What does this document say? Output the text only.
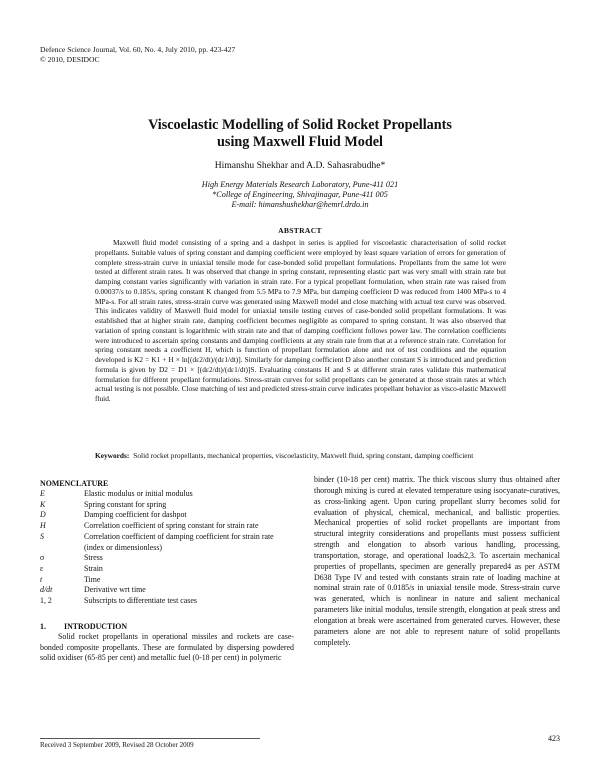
Defence Science Journal, Vol. 60, No. 4, July 2010, pp. 423-427
© 2010, DESIDOC
Viscoelastic Modelling of Solid Rocket Propellants
using Maxwell Fluid Model
Himanshu Shekhar and A.D. Sahasrabudhe*
High Energy Materials Research Laboratory, Pune-411 021
*College of Engineering, Shivajinagar, Pune-411 005
E-mail: himanshushekhar@hemrl.drdo.in
ABSTRACT

Maxwell fluid model consisting of a spring and a dashpot in series is applied for viscoelastic characterisation of solid rocket propellants. Suitable values of spring constant and damping coefficient were employed by least square variation of errors for generation of complete stress-strain curve in uniaxial tensile mode for case-bonded solid propellant formulations. Propellants from the same lot were tested at different strain rates. It was observed that change in spring constant, representing elastic part was very small with strain rate but damping constant varies significantly with variation in strain rate. For a typical propellant formulation, when strain rate was raised from 0.00037/s to 0.185/s, spring constant K changed from 5.5 MPa to 7.9 MPa, but damping coefficient D was reduced from 1400 MPa-s to 4 MPa-s. For all strain rates, stress-strain curve was generated using Maxwell model and close matching with actual test curve was observed. This indicates validity of Maxwell fluid model for uniaxial tensile testing curves of case-bonded solid propellant formulations. It was established that at higher strain rate, damping coefficient becomes negligible as compared to spring constant. It was also observed that variation of spring constant is logarithmic with strain rate and that of damping coefficient follows power law. The correlation coefficients were introduced to ascertain spring constants and damping coefficients at any strain rate from that at a reference strain rate. Correlation for spring constant needs a coefficient H, which is function of propellant formulation alone and not of test conditions and the equation developed is K2 = K1 + H × ln[(dε2/dt)/(dε1/dt)]. Similarly for damping coefficient D also another constant S is introduced and prediction formula is given by D2 = D1 × [(dε2/dt)/(dε1/dt)]S. Evaluating constants H and S at different strain rates validate this mathematical formulation for different propellant formulations. Stress-strain curves for solid propellants can be generated at those strain rates at which actual testing is not possible. Close matching of test and predicted stress-strain curve indicates propellant behavior as visco-elastic Maxwell fluid.

Keywords: Solid rocket propellants, mechanical properties, viscoelasticity, Maxwell fluid, spring constant, damping coefficient
NOMENCLATURE
E	Elastic modulus or initial modulus
K	Spring constant for spring
D	Damping coefficient for dashpot
H	Correlation coefficient of spring constant for strain rate
S	Correlation coefficient of damping coefficient for strain rate (index or dimensionless)
σ	Stress
ε	Strain
t	Time
d/dt	Derivative wrt time
1, 2	Subscripts to differentiate test cases
1. INTRODUCTION
Solid rocket propellants in operational missiles and rockets are case-bonded composite propellants. These are formulated by dispersing powdered solid oxidiser (65-85 per cent) and metallic fuel (0-18 per cent) in polymeric
binder (10-18 per cent) matrix. The thick viscous slurry thus obtained after thorough mixing is cured at elevated temperature using isocyanate-curatives, as cross-linking agent. Upon curing propellant slurry becomes solid for evaluation of physical, chemical, mechanical, and ballistic properties. Mechanical properties of solid rocket propellants are important from structural integrity considerations and propellants must possess sufficient strength and elongation to absorb various handling, processing, transportation, storage, and operational loads2,3. To ascertain mechanical properties of propellants, specimen are generally prepared4 as per ASTM D638 Type IV and tested with constants strain rate of loading machine at nominal strain rate of 0.0185/s in uniaxial tensile mode. Stress-strain curve was generated, which is nonlinear in nature and salient mechanical parameters like initial modulus, tensile strength, elongation at peak stress and elongation at break were ascertained from generated curves. However, these parameters alone are not able to represent nature of solid propellants completely.
Received 3 September 2009, Revised 28 October 2009
423
